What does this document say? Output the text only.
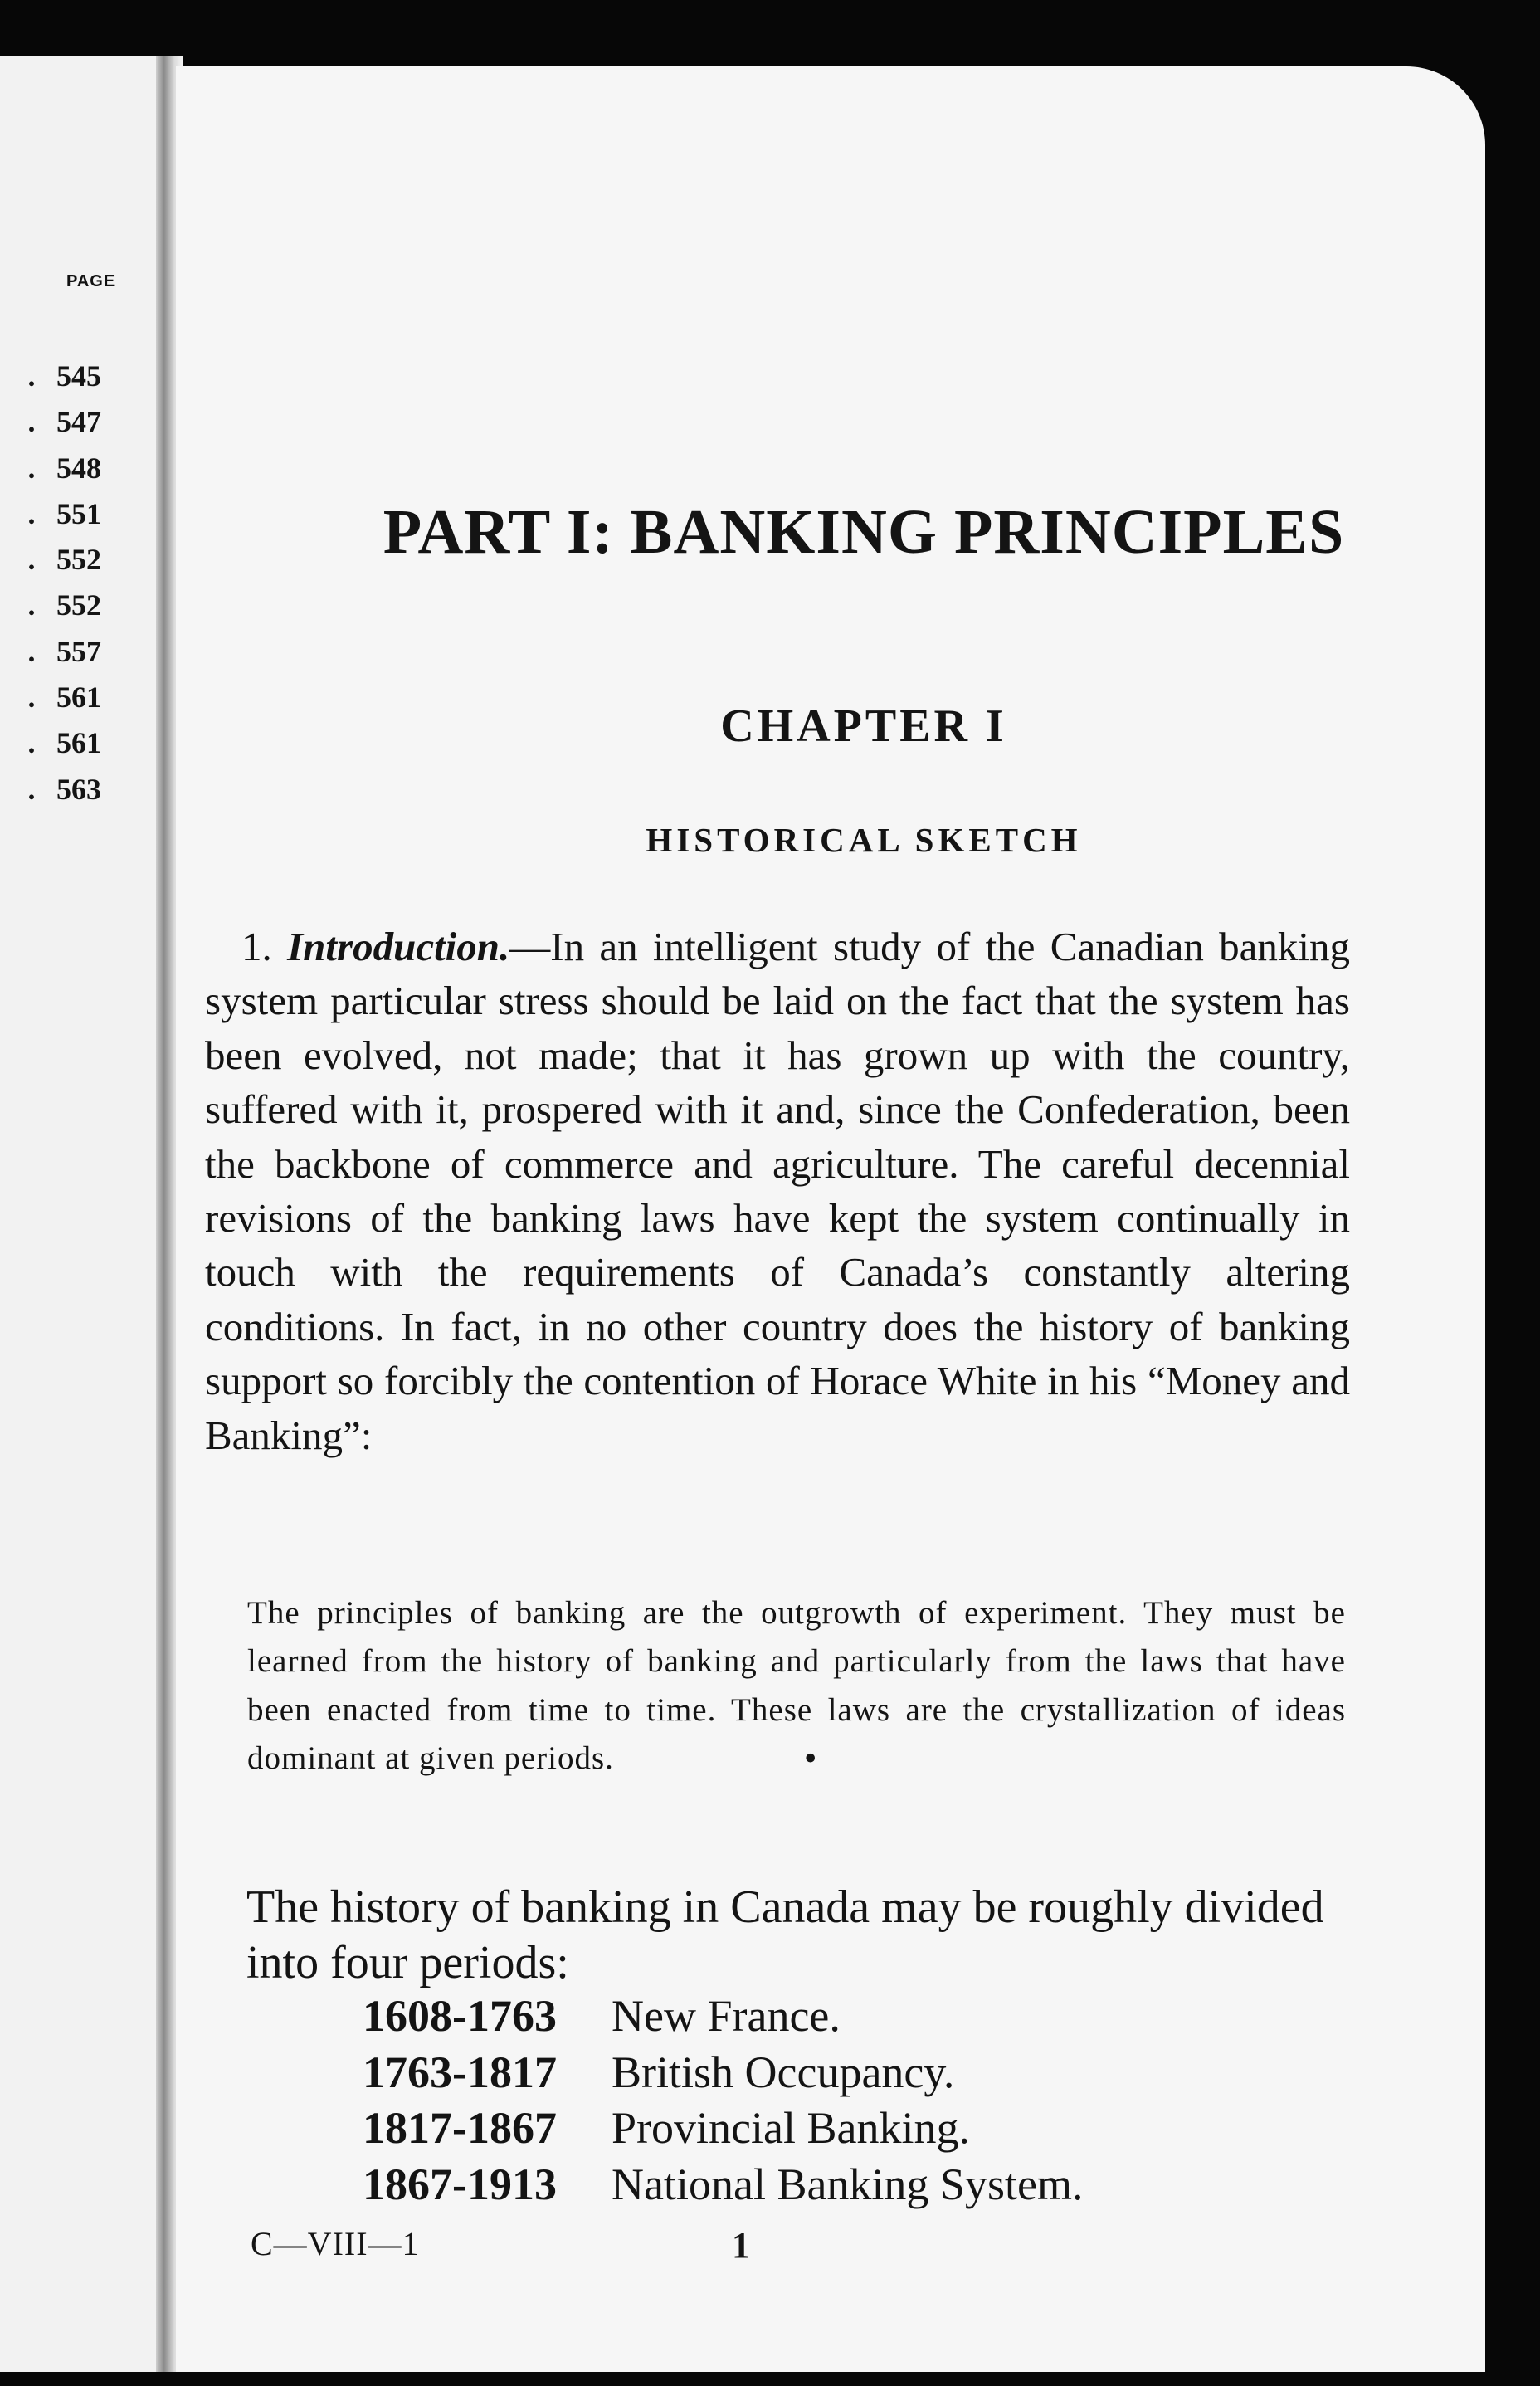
PAGE
. 545
. 547
. 548
. 551
. 552
. 552
. 557
. 561
. 561
. 563
PART I: BANKING PRINCIPLES
CHAPTER I
HISTORICAL SKETCH

1. Introduction.—In an intelligent study of the Canadian banking system particular stress should be laid on the fact that the system has been evolved, not made; that it has grown up with the country, suffered with it, prospered with it and, since the Confederation, been the backbone of commerce and agriculture. The careful decennial revisions of the banking laws have kept the system continually in touch with the requirements of Canada’s constantly altering conditions. In fact, in no other country does the history of banking support so forcibly the contention of Horace White in his “Money and Banking”:

The principles of banking are the outgrowth of experiment. They must be learned from the history of banking and particularly from the laws that have been enacted from time to time. These laws are the crystallization of ideas dominant at given periods.	•

The history of banking in Canada may be roughly divided into four periods:

1608-1763 New France.
1763-1817 British Occupancy.
1817-1867 Provincial Banking.
1867-1913 National Banking System.
C—VIII—1	1
